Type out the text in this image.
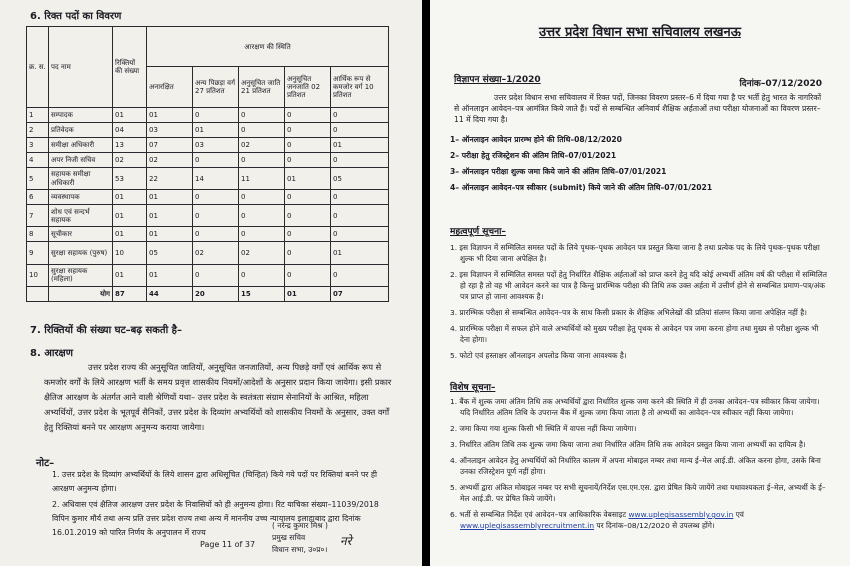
6. रिक्त पदों का विवरण
क्र. स.	पद नाम	रिक्तियों की संख्या	आरक्षण की स्थिति				
			अनारक्षित	अन्य पिछड़ा वर्ग 27 प्रतिशत	अनुसूचित जाति 21 प्रतिशत	अनुसूचित जनजाति 02 प्रतिशत	आर्थिक रूप से कमजोर वर्ग 10 प्रतिशत
1	सम्पादक	01	01	0	0	0	0
2	प्रतिवेदक	04	03	01	0	0	0
3	समीक्षा अधिकारी	13	07	03	02	0	01
4	अपर निजी सचिव	02	02	0	0	0	0
5	सहायक समीक्षा अधिकारी	53	22	14	11	01	05
6	व्यवस्थापक	01	01	0	0	0	0
7	शोध एवं सन्दर्भ सहायक	01	01	0	0	0	0
8	सूचीकार	01	01	0	0	0	0
9	सुरक्षा सहायक (पुरुष)	10	05	02	02	0	01
10	सुरक्षा सहायक (महिला)	01	01	0	0	0	0
	योग	87	44	20	15	01	07
7. रिक्तियों की संख्या घट–बढ़ सकती है–
8. आरक्षण

उत्तर प्रदेश राज्य की अनुसूचित जातियों, अनुसूचित जनजातियों, अन्य पिछड़े वर्गों एवं आर्थिक रूप से कमजोर वर्गों के लिये आरक्षण भर्ती के समय प्रवृत्त शासकीय नियमों/आदेशों के अनुसार प्रदान किया जायेगा। इसी प्रकार क्षैतिज आरक्षण के अंतर्गत आने वाली श्रेणियों यथा– उत्तर प्रदेश के स्वतंत्रता संग्राम सेनानियों के आश्रित, महिला अभ्यर्थियों, उत्तर प्रदेश के भूतपूर्व सैनिकों, उत्तर प्रदेश के दिव्यांग अभ्यर्थियों को शासकीय नियमों के अनुसार, उक्त वर्गों हेतु रिक्तियां बनने पर आरक्षण अनुमन्य कराया जायेगा।

नोट–

1. उत्तर प्रदेश के दिव्यांग अभ्यर्थियों के लिये शासन द्वारा अधिसूचित (चिन्हित) किये गये पदों पर रिक्तियां बनने पर ही आरक्षण अनुमन्य होगा।

2. अधिवास एवं क्षैतिज आरक्षण उत्तर प्रदेश के निवासियों को ही अनुमन्य होगा। रिट याचिका संख्या–11039/2018 विपिन कुमार मौर्य तथा अन्य प्रति उत्तर प्रदेश राज्य तथा अन्य में माननीय उच्च न्यायालय इलाहाबाद द्वारा दिनांक 16.01.2019 को पारित निर्णय के अनुपालन में राज्य

Page 11 of 37
( नरेन्द्र कुमार मिश्र )
प्रमुख सचिव
विधान सभा, उ०प्र०।
नरे
उत्तर प्रदेश विधान सभा सचिवालय लखनऊ
विज्ञापन संख्या–1/2020	दिनांक–07/12/2020

उत्तर प्रदेश विधान सभा सचिवालय में रिक्त पदों, जिनका विवरण प्रस्तर–6 में दिया गया है पर भर्ती हेतु भारत के नागरिकों से ऑनलाइन आवेदन–पत्र आमंत्रित किये जाते हैं। पदों से सम्बन्धित अनिवार्य शैक्षिक अर्हताओं तथा परीक्षा योजनाओं का विवरण प्रस्तर–11 में दिया गया है।

1– ऑनलाइन आवेदन प्रारम्भ होने की तिथि–08/12/2020
2– परीक्षा हेतु रजिस्ट्रेशन की अंतिम तिथि–07/01/2021
3– ऑनलाइन परीक्षा शुल्क जमा किये जाने की अंतिम तिथि–07/01/2021
4– ऑनलाइन आवेदन–पत्र स्वीकार (submit) किये जाने की अंतिम तिथि–07/01/2021
महत्वपूर्ण सूचना–
1. इस विज्ञापन में सम्मिलित समस्त पदों के लिये पृथक–पृथक आवेदन पत्र प्रस्तुत किया जाना है तथा प्रत्येक पद के लिये पृथक–पृथक परीक्षा शुल्क भी दिया जाना अपेक्षित है।
2. इस विज्ञापन में सम्मिलित समस्त पदों हेतु निर्धारित शैक्षिक अर्हताओं को प्राप्त करने हेतु यदि कोई अभ्यर्थी अंतिम वर्ष की परीक्षा में सम्मिलित हो रहा है तो वह भी आवेदन करने का पात्र है किन्तु प्रारम्भिक परीक्षा की तिथि तक उक्त अर्हता में उत्तीर्ण होने से सम्बन्धित प्रमाण–पत्र/अंक पत्र प्राप्त हो जाना आवश्यक है।
3. प्रारम्भिक परीक्षा से सम्बन्धित आवेदन–पत्र के साथ किसी प्रकार के शैक्षिक अभिलेखों की प्रतियां संलग्न किया जाना अपेक्षित नहीं है।
4. प्रारम्भिक परीक्षा में सफल होने वाले अभ्यर्थियों को मुख्य परीक्षा हेतु पृथक से आवेदन पत्र जमा करना होगा तथा मुख्य से परीक्षा शुल्क भी देना होगा।
5. फोटो एवं हस्ताक्षर ऑनलाइन अपलोड किया जाना आवश्यक है।
विशेष सूचना–
1. बैंक में शुल्क जमा अंतिम तिथि तक अभ्यर्थियों द्वारा निर्धारित शुल्क जमा करने की स्थिति में ही उनका आवेदन–पत्र स्वीकार किया जायेगा। यदि निर्धारित अंतिम तिथि के उपरान्त बैंक में शुल्क जमा किया जाता है तो अभ्यर्थी का आवेदन–पत्र स्वीकार नहीं किया जायेगा।
2. जमा किया गया शुल्क किसी भी स्थिति में वापस नहीं किया जायेगा।
3. निर्धारित अंतिम तिथि तक शुल्क जमा किया जाना तथा निर्धारित अंतिम तिथि तक आवेदन प्रस्तुत किया जाना अभ्यर्थी का दायित्व है।
4. ऑनलाइन आवेदन हेतु अभ्यर्थियों को निर्धारित कालम में अपना मोबाइल नम्बर तथा मान्य ई–मेल आई.डी. अंकित करना होगा, उसके बिना उनका रजिस्ट्रेशन पूर्ण नहीं होगा।
5. अभ्यर्थी द्वारा अंकित मोबाइल नम्बर पर सभी सूचनायें/निर्देश एस.एम.एस. द्वारा प्रेषित किये जायेंगे तथा यथावश्यकता ई–मेल, अभ्यर्थी के ई–मेल आई.डी. पर प्रेषित किये जायेंगे।
6. भर्ती से सम्बन्धित निर्देश एवं आवेदन–पत्र आधिकारिक वेबसाइट www.uplegisassembly.gov.in एवं www.uplegisassemblyrecruitment.in पर दिनांक–08/12/2020 से उपलब्ध होंगे।
